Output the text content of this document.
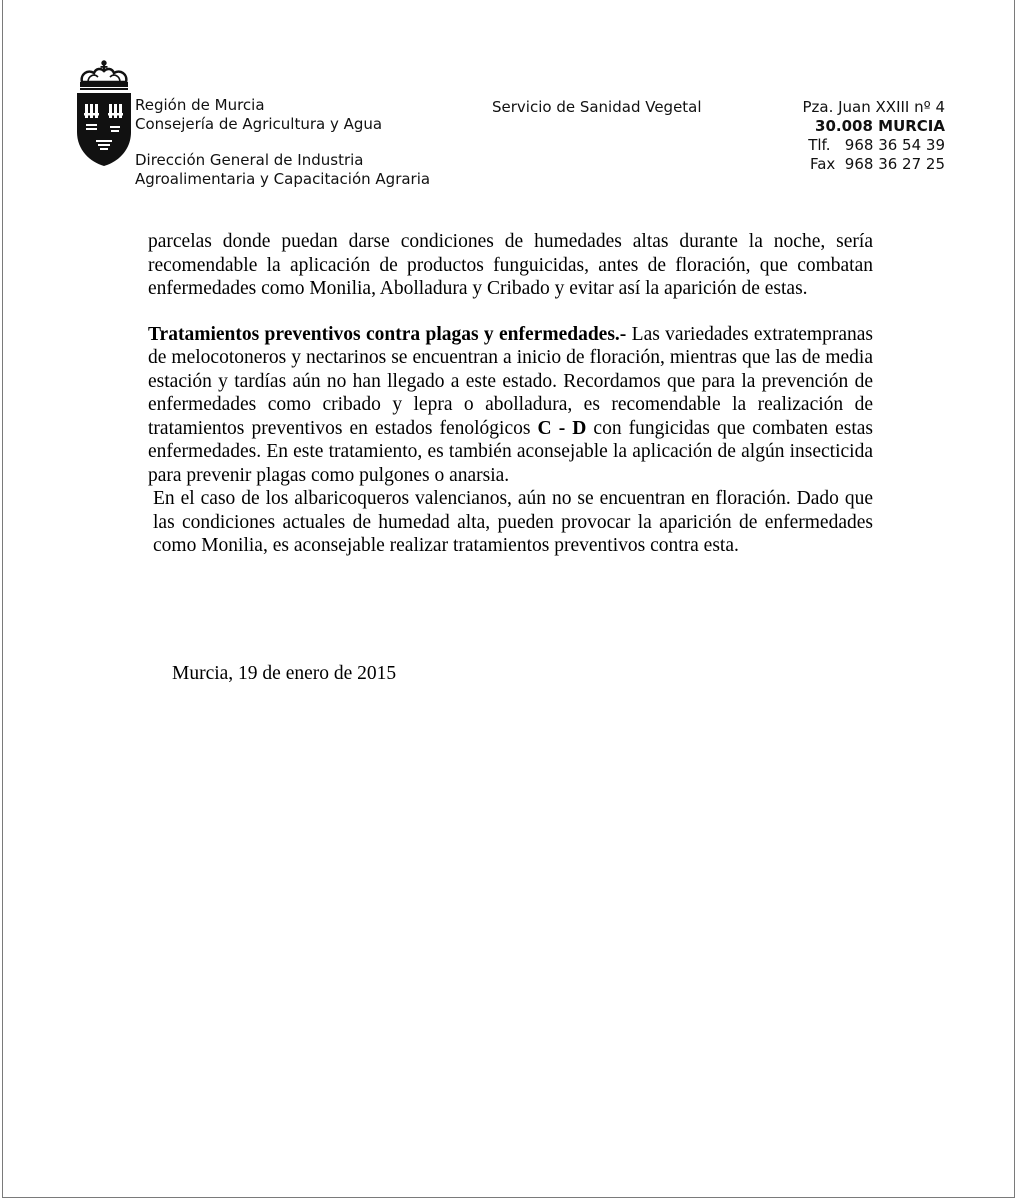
Región de Murcia
Consejería de Agricultura y Agua
Dirección General de Industria
Agroalimentaria y Capacitación Agraria
Servicio de Sanidad Vegetal	Pza. Juan XXIII nº 4
30.008 MURCIA
Tlf.   968 36 54 39
Fax  968 36 27 25

parcelas donde puedan darse condiciones de humedades altas durante la noche, sería recomendable la aplicación de productos funguicidas, antes de floración, que combatan enfermedades como Monilia, Abolladura y Cribado y evitar así la aparición de estas.

Tratamientos preventivos contra plagas y enfermedades.- Las variedades extratempranas de melocotoneros y nectarinos se encuentran a inicio de floración, mientras que las de media estación y tardías aún no han llegado a este estado. Recordamos que para la prevención de enfermedades como cribado y lepra o abolladura, es recomendable la realización de tratamientos preventivos en estados fenológicos C - D con fungicidas que combaten estas enfermedades. En este tratamiento, es también aconsejable la aplicación de algún insecticida para prevenir plagas como pulgones o anarsia.

En el caso de los albaricoqueros valencianos, aún no se encuentran en floración. Dado que las condiciones actuales de humedad alta, pueden provocar la aparición de enfermedades como Monilia, es aconsejable realizar tratamientos preventivos contra esta.

Murcia, 19 de enero de 2015
